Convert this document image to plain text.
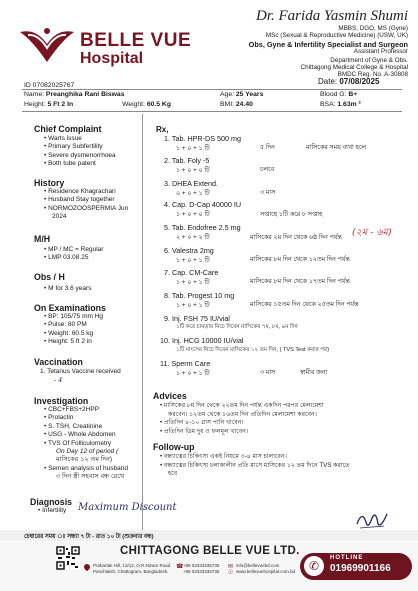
BELLE VUE
Hospital
Dr. Farida Yasmin Shumi
MBBS, DGO, MS (Gyne)
MSc (Sexual & Reproductive Medicine) (USW, UK)
Obs, Gyne & Infertility Specialist and Surgeon
Assistant Professor
Department of Gyne & Obs.
Chittagong Medical College & Hospital
BMDC Reg. No. A-30808
ID 07082025767	Date: 07/08/2025
Name: Preanghika Rani Biswas	Age: 25 Years	Blood G: B+
Height: 5 Ft 2 In	Weight: 60.5 Kg	BMI: 24.40	BSA: 1.63m ²
Chief Complaint
• Warts issue
• Primary Subfertility
• Severe dysmenorrhoea
• Both tube patent
History
• Residence Khagrachari
• Husband Stay together
• NORMOZOOSPERMIA Jun
2024
M/H
• MP / MC = Regular
• LMP 03.08.25
Obs / H
• M for 3.6 years
On Examinations
• BP: 105/75 mm Hg
• Pulse: 80 PM
• Weight: 60.5 kg
• Height: 5 ft 2 in
Vaccination
1. Tetanus Vaccine received
- 4
Investigation
• CBC+FBS+2HPP
• Prolactin
• S. TSH, Creatinine
• USG - Whole Abdomen
• TVS Of Folliculometry
On Day 12 of period (
মাসিকের ১২ তম দিন)
• Semen analysis of husband
৩ দিন স্ত্রী সহবাস বন্ধ রেখে
Diagnosis
• Infertility Maximum Discount
Rx,
1. Tab. HPR-DS 500 mg
১ + ০ + ১ টি	৫ দিন	মাসিকের সময় ব্যথা হলে
2. Tab. Foly -5
১ + ০ + ০ টি	চলবে
3. DHEA Extend.
০ + ০ + ১ টি	৩ মাস
4. Cap. D-Cap 40000 IU
১ + ০ + ০ টি	সপ্তাহে ১টি করে ৮ সপ্তাহ
5. Tab. Endofree 2.5 mg
২ + ০ + ২ টি	মাসিকের ২য় দিন থেকে ৬ষ্ঠ দিন পর্যন্ত (২ম - ৬ম)
6. Valestra 2mg
১ + ০ + ১ টি	মাসিকের ৮ম দিন থেকে ১২তম দিন পর্যন্ত
7. Cap. CM-Care
১ + ০ + ১ টি	মাসিকের ৮ম দিন থেকে ১৭তম দিন পর্যন্ত
8. Tab. Progest 10 mg
১ + ০ + ১ টি	মাসিকের ১৫তম দিন থেকে ২৫তম দিন পর্যন্ত
9. Inj. FSH 75 IU/vial
১টি করে চামড়ার নিচে দিবেন মাসিকের ৭ম, ৮ম, ৯ম দিন
10. Inj. HCG 10000 IU/vial
১টি মাংসের নিচে দিবেন মাসিকের ১২ তম দিন, ( TVS Test করার পর)
11. Sperm Care
১ + ০ + ১ টি	৩ মাস	স্বামীর জন্য
Advices
• মাসিকের ৮ম দিন থেকে ২২তম দিন পর্যন্ত একদিন পরপর মেলামেশা
করবেন। ১২তম থেকে ১৬তম দিন প্রতিদিন মেলামেশা করবেন।
• প্রতিদিন ৮-১০ গ্লাস পানি খাবেন।
• প্রতিদিন ডিম দুধ ও ফলমূল খাবেন।
Follow-up
• বন্ধ্যাত্বের চিকিৎসা একই নিয়মে ৩-৪ মাস চালাবেন।
• বন্ধ্যাত্বের চিকিৎসা চলাকালীন প্রতি মাসে মাসিকের ১২ তম দিনে TVS করাতে
হবে
চেম্বারের সময় ঃ সন্ধ্যা ৭ টা - রাত ১০ টা (শুক্রবার বন্ধ)
CHITTAGONG BELLE VUE LTD.
Prabartak Hill, 13/12, O.R.Nizam Road
Panchlaish, Chattogram, Bangladesh.
☎ +88 02333336735
+88 02333336736
✉ info@bellevuebd.com
☉ www.bellevuehospital.com.bd	✆
HOTLINE
01969901166
